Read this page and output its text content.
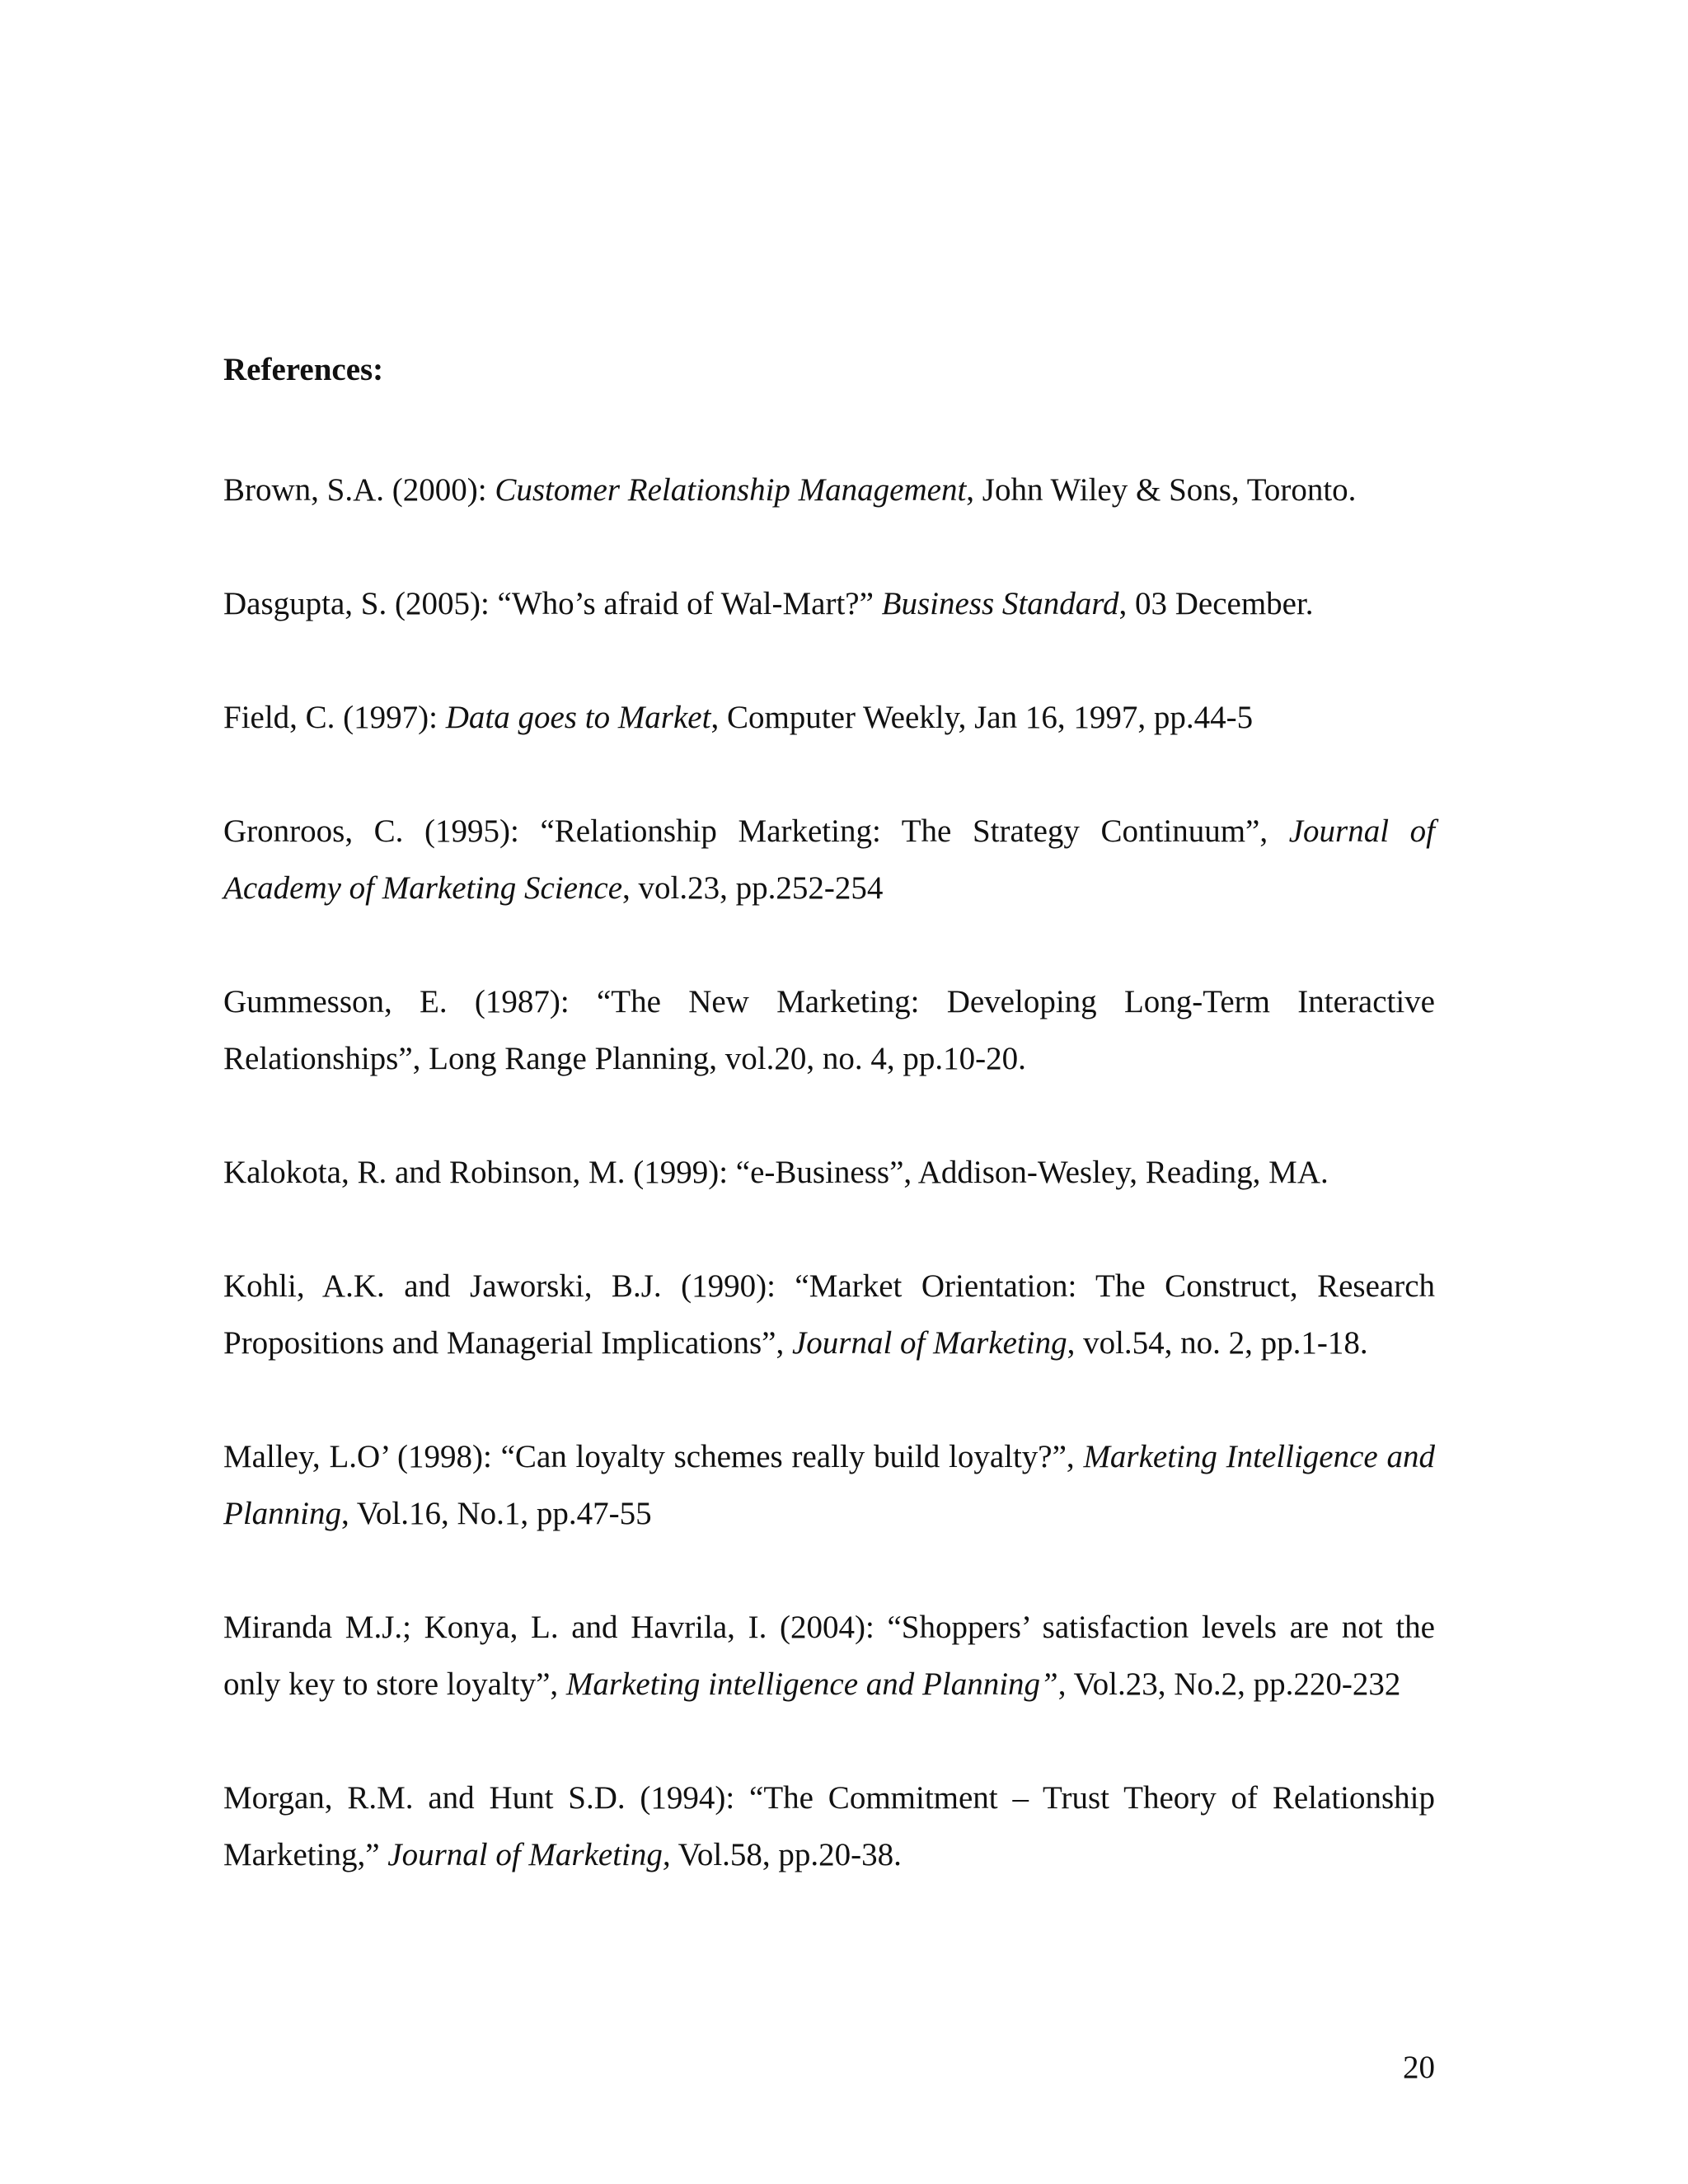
References:

Brown, S.A. (2000): Customer Relationship Management, John Wiley & Sons, Toronto.

Dasgupta, S. (2005): “Who’s afraid of Wal-Mart?” Business Standard, 03 December.

Field, C. (1997): Data goes to Market, Computer Weekly, Jan 16, 1997, pp.44-5

Gronroos, C. (1995): “Relationship Marketing: The Strategy Continuum”, Journal of Academy of Marketing Science, vol.23, pp.252-254

Gummesson, E. (1987): “The New Marketing: Developing Long-Term Interactive Relationships”, Long Range Planning, vol.20, no. 4, pp.10-20.

Kalokota, R. and Robinson, M. (1999): “e-Business”, Addison-Wesley, Reading, MA.

Kohli, A.K. and Jaworski, B.J. (1990): “Market Orientation: The Construct, Research Propositions and Managerial Implications”, Journal of Marketing, vol.54, no. 2, pp.1-18.

Malley, L.O’ (1998): “Can loyalty schemes really build loyalty?”, Marketing Intelligence and Planning, Vol.16, No.1, pp.47-55

Miranda M.J.; Konya, L. and Havrila, I. (2004): “Shoppers’ satisfaction levels are not the only key to store loyalty”, Marketing intelligence and Planning”, Vol.23, No.2, pp.220-232

Morgan, R.M. and Hunt S.D. (1994): “The Commitment – Trust Theory of Relationship Marketing,” Journal of Marketing, Vol.58, pp.20-38.

20
